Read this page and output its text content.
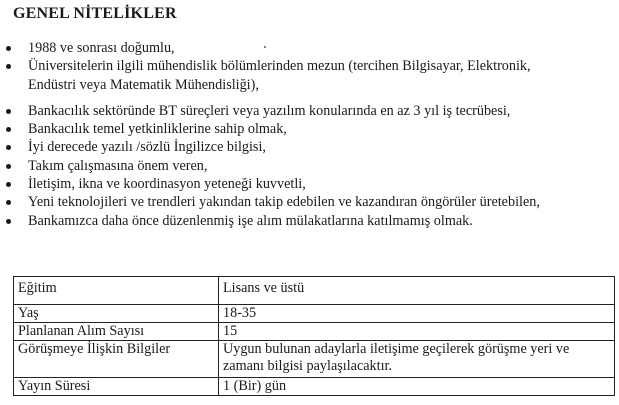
GENEL NİTELİKLER
1988 ve sonrası doğumlu,
Üniversitelerin ilgili mühendislik bölümlerinden mezun (tercihen Bilgisayar, Elektronik,
Endüstri veya Matematik Mühendisliği),
Bankacılık sektöründe BT süreçleri veya yazılım konularında en az 3 yıl iş tecrübesi,
Bankacılık temel yetkinliklerine sahip olmak,
İyi derecede yazılı /sözlü İngilizce bilgisi,
Takım çalışmasına önem veren,
İletişim, ikna ve koordinasyon yeteneği kuvvetli,
Yeni teknolojileri ve trendleri yakından takip edebilen ve kazandıran öngörüler üretebilen,
Bankamızca daha önce düzenlenmiş işe alım mülakatlarına katılmamış olmak.
Eğitim	Lisans ve üstü
Yaş	18-35
Planlanan Alım Sayısı	15
Görüşmeye İlişkin Bilgiler	Uygun bulunan adaylarla iletişime geçilerek görüşme yeri ve
zamanı bilgisi paylaşılacaktır.

Yayın Süresi	1 (Bir) gün
